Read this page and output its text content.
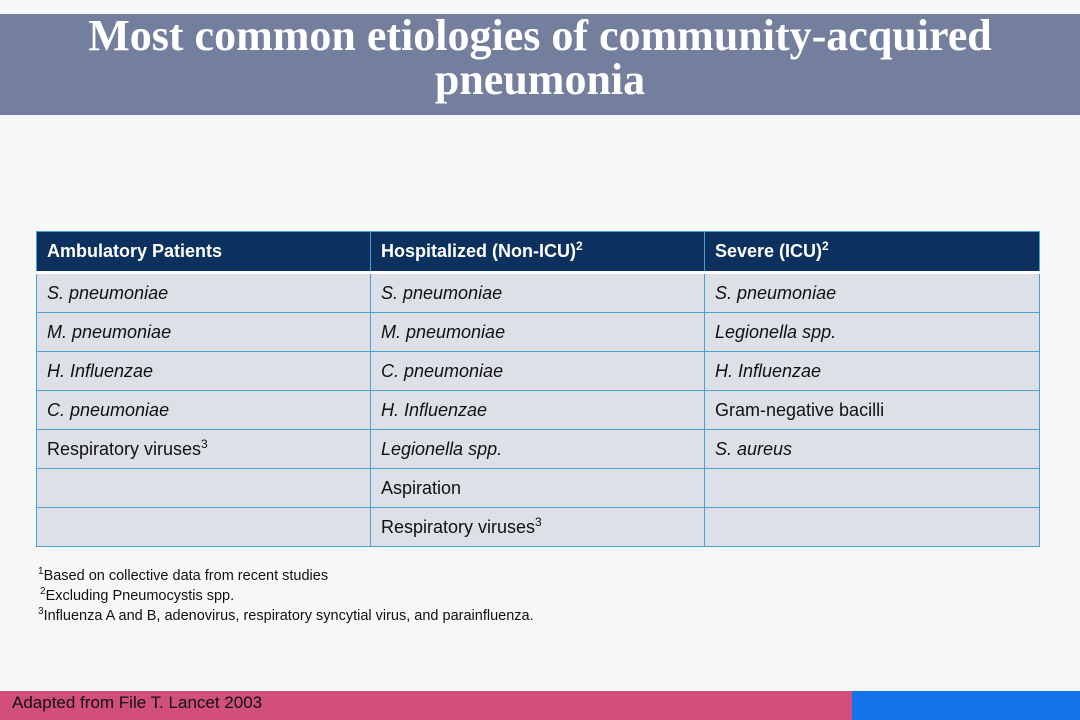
Most common etiologies of community-acquired pneumonia
Ambulatory Patients	Hospitalized (Non-ICU)$^2$	Severe (ICU)$^2$
S. pneumoniae	S. pneumoniae	S. pneumoniae
M. pneumoniae	M. pneumoniae	Legionella spp.
H. Influenzae	C. pneumoniae	H. Influenzae
C. pneumoniae	H. Influenzae	Gram-negative bacilli
Respiratory viruses$^3$	Legionella spp.	S. aureus
	Aspiration	
	Respiratory viruses$^3$	
$^1$Based on collective data from recent studies
$^2$Excluding Pneumocystis spp.
$^3$Influenza A and B, adenovirus, respiratory syncytial virus, and parainfluenza.
Adapted from File T. Lancet 2003
